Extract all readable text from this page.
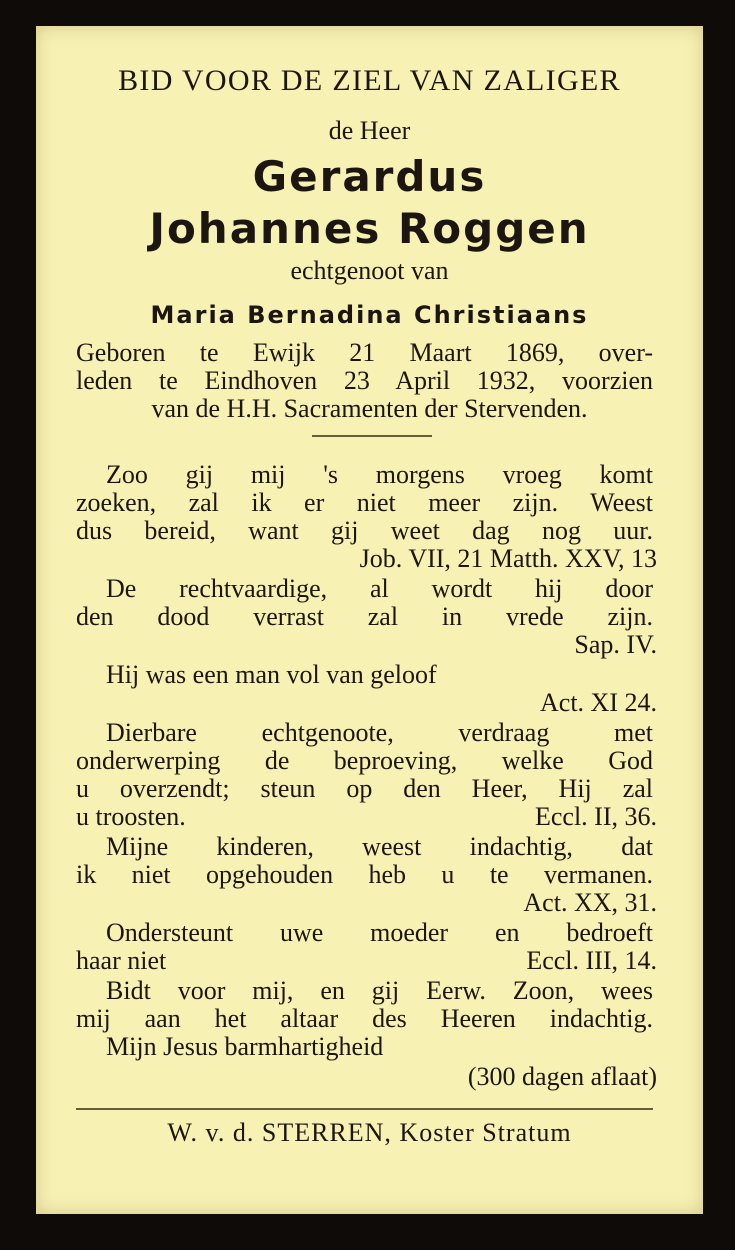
BID VOOR DE ZIEL VAN ZALIGER
de Heer
Gerardus
Johannes Roggen
echtgenoot van
Maria Bernadina Christiaans
Geboren te Ewijk 21 Maart 1869, over-
leden te Eindhoven 23 April 1932, voorzien
van de H.H. Sacramenten der Stervenden.
Zoo gij mij 's morgens vroeg komt
zoeken, zal ik er niet meer zijn. Weest
dus bereid, want gij weet dag nog uur.
Job. VII, 21 Matth. XXV, 13
De rechtvaardige, al wordt hij door
den dood verrast zal in vrede zijn.
Sap. IV.
Hij was een man vol van geloof
Act. XI 24.
Dierbare echtgenoote, verdraag met
onderwerping de beproeving, welke God
u overzendt; steun op den Heer, Hij zal
u troosten.	Eccl. II, 36.
Mijne kinderen, weest indachtig, dat
ik niet opgehouden heb u te vermanen.
Act. XX, 31.
Ondersteunt uwe moeder en bedroeft
haar niet	Eccl. III, 14.
Bidt voor mij, en gij Eerw. Zoon, wees
mij aan het altaar des Heeren indachtig.
Mijn Jesus barmhartigheid
(300 dagen aflaat)
W. v. d. STERREN, Koster Stratum
